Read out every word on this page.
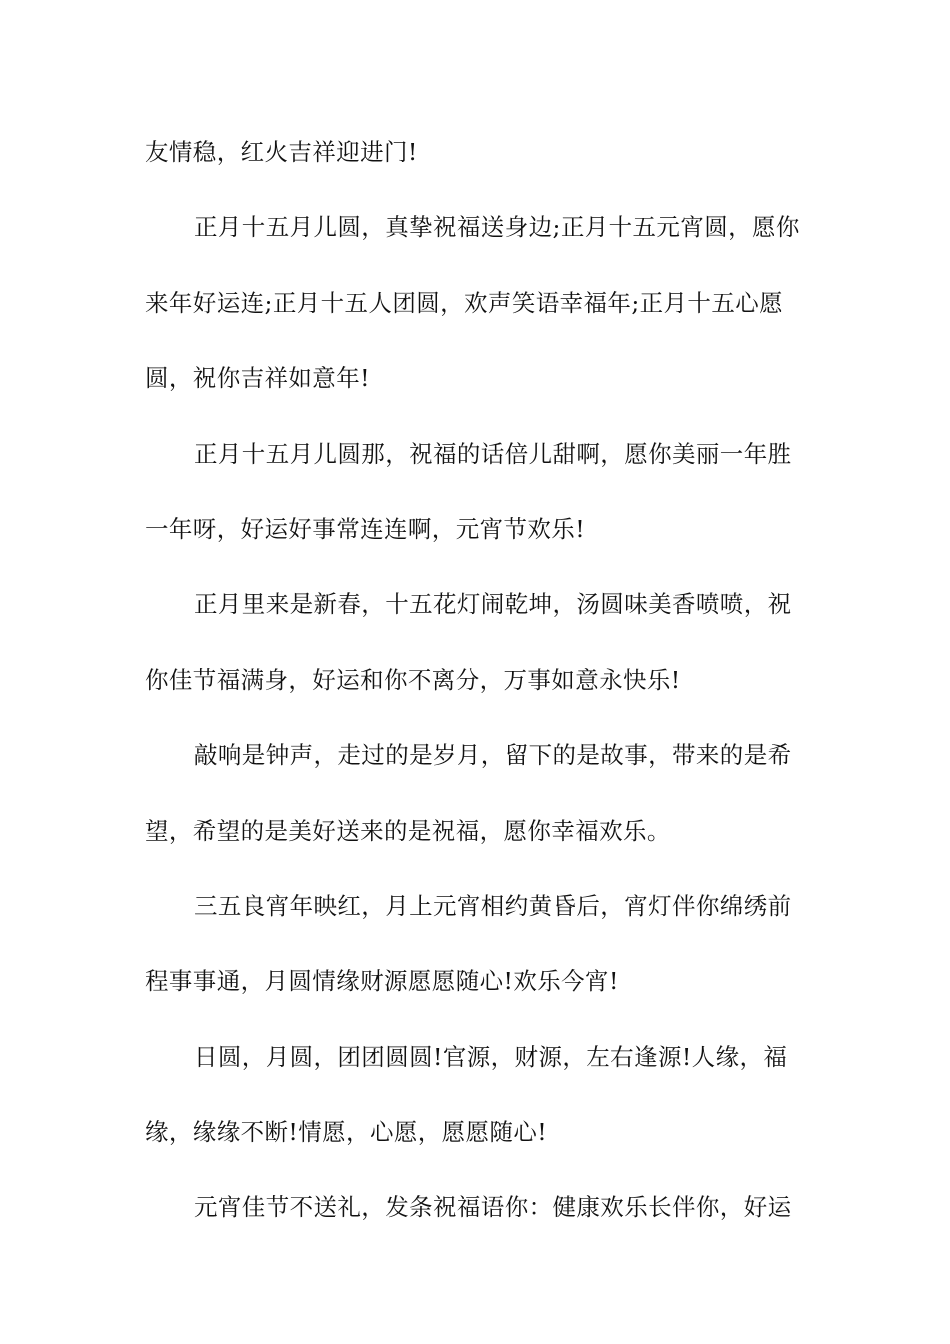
友情稳，红火吉祥迎进门!
正月十五月儿圆，真挚祝福送身边;正月十五元宵圆，愿你
来年好运连;正月十五人团圆，欢声笑语幸福年;正月十五心愿
圆，祝你吉祥如意年!
正月十五月儿圆那，祝福的话倍儿甜啊，愿你美丽一年胜
一年呀，好运好事常连连啊，元宵节欢乐!
正月里来是新春，十五花灯闹乾坤，汤圆味美香喷喷，祝
你佳节福满身，好运和你不离分，万事如意永快乐!
敲响是钟声，走过的是岁月，留下的是故事，带来的是希
望，希望的是美好送来的是祝福，愿你幸福欢乐。
三五良宵年映红，月上元宵相约黄昏后，宵灯伴你绵绣前
程事事通，月圆情缘财源愿愿随心!欢乐今宵!
日圆，月圆，团团圆圆!官源，财源，左右逢源!人缘，福
缘，缘缘不断!情愿，心愿，愿愿随心!
元宵佳节不送礼，发条祝福语你：健康欢乐长伴你，好运
